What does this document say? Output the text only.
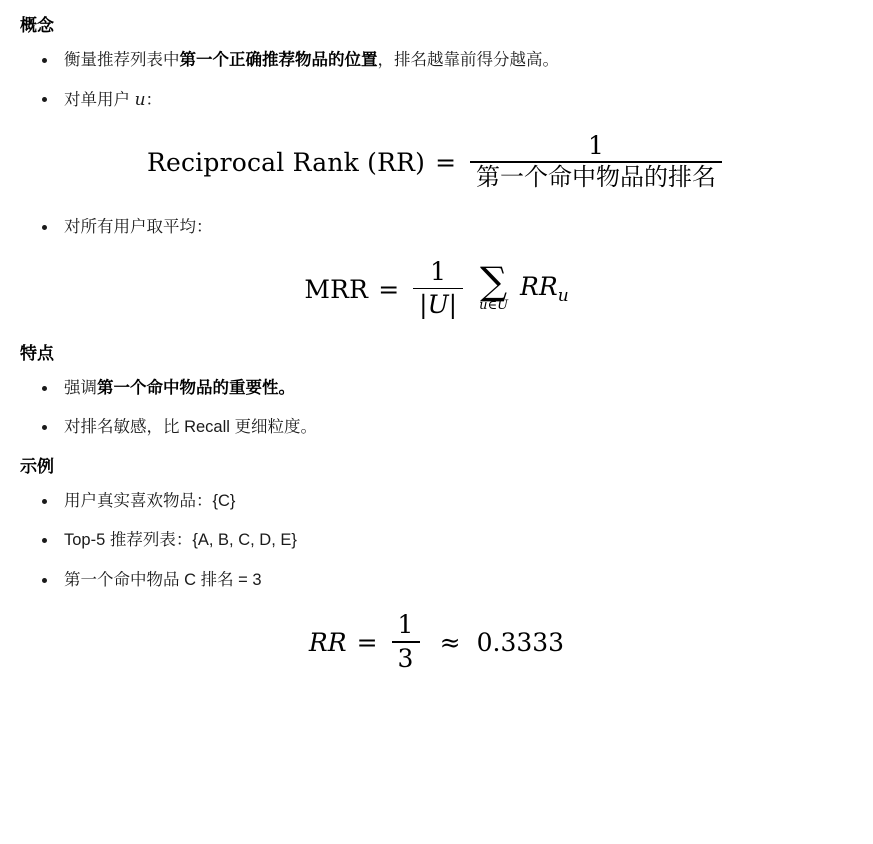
概念
衡量推荐列表中第一个正确推荐物品的位置，排名越靠前得分越高。
对单用户 u：
Reciprocal Rank $(RR) = \frac{1}{\text{第一个命中物品的排名}}$
对所有用户取平均：
MRR = $\frac{1}{|U|}$ ∑
u∈U
$RR_u$
特点
强调第一个命中物品的重要性。
对排名敏感，比 Recall 更细粒度。
示例
用户真实喜欢物品：{C}
Top-5 推荐列表：{A, B, C, D, E}
第一个命中物品 C 排名 = 3
RR = $\frac{1}{3} \approx 0.3333$
